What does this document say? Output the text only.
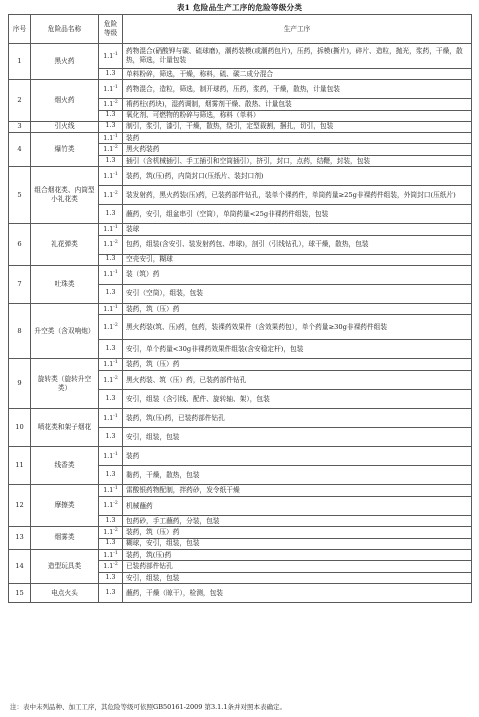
表1 危险品生产工序的危险等级分类
序号	危险品名称	危险
等级	生产工序
1	黑火药	$1.1^{-1}$	药物混合(硝酸钾与碳、硫球磨)，潮药装模(或潮药包片)，压药，拆模(撕片)，碎片、造粒，抛光，浆药，干燥，散热，筛选，计量包装
		1.3	单料粉碎，筛选，干燥，称料，硫、碳二成分混合
2	烟火药	$1.1^{-1}$	药物混合，造粒，筛选，制开球药，压药，浆药，干燥，散热，计量包装
		$1.1^{-2}$	褙药柱(药块)，湿药调制，烟雾剂干燥、散热、计量包装
		1.3	氧化剂、可燃物的粉碎与筛选，称料（单料）
3	引火线	1.3	制引，浆引，漆引，干燥，散热，绕引，定型裁割，捆扎，切引，包装
4	爆竹类	$1.1^{-1}$	装药
		$1.1^{-2}$	黑火药装药
		1.3	插引（含机械插引、手工插引和空筒插引），挤引，封口，点药，结鞭，封装，包装
5	组合烟花类、内筒型小礼花类	$1.1^{-1}$	装药，筑(压)药，内筒封口(压纸片、装封口剂)
		$1.1^{-2}$	装发射药，黑火药装(压)药，已装药部件钻孔，装单个裸药件，单筒药量≥25g非裸药件组装，外筒封口(压纸片)
		1.3	蘸药，安引，组盆串引（空筒），单筒药量<25g非裸药件组装，包装
6	礼花弹类	$1.1^{-1}$	装球
		$1.1^{-2}$	包药，组装(含安引、装发射药包、串球)，剖引（引线钻孔），球干燥，散热，包装
		1.3	空壳安引，糊球
7	吐珠类	$1.1^{-1}$	装（筑）药
		1.3	安引（空筒），组装，包装
8	升空类（含双响炮）	$1.1^{-1}$	装药，筑（压）药
		$1.1^{-2}$	黑火药装(筑、压)药，包药，装裸药效果件（含效果药包），单个药量≥30g非裸药件组装
		1.3	安引，单个药量<30g非裸药效果件组装(含安稳定杆)，包装
9	旋转类（旋转升空类）	$1.1^{-1}$	装药，筑（压）药
		$1.1^{-2}$	黑火药装、筑（压）药，已装药部件钻孔
		1.3	安引，组装（含引线、配件、旋转轴、架），包装
10	喷花类和架子烟花	$1.1^{-1}$	装药，筑(压)药，已装药部件钻孔
		1.3	安引，组装，包装
11	线香类	$1.1^{-1}$	装药
		1.3	黏药，干燥，散热，包装
12	摩擦类	$1.1^{-1}$	雷酸银药物配制，拌药砂，发令纸干燥
		$1.1^{-2}$	机械蘸药
		1.3	包药砂，手工蘸药，分装，包装
13	烟雾类	$1.1^{-2}$	装药，筑（压）药
		1.3	糊球，安引，组装，包装
14	造型玩具类	$1.1^{-1}$	装药，筑(压)药
		$1.1^{-2}$	已装药部件钻孔
		1.3	安引，组装，包装
15	电点火头	1.3	蘸药，干燥（晾干），检测，包装
注：表中未列品种、加工工序，其危险等级可依照GB50161-2009 第3.1.1条并对照本表确定。
